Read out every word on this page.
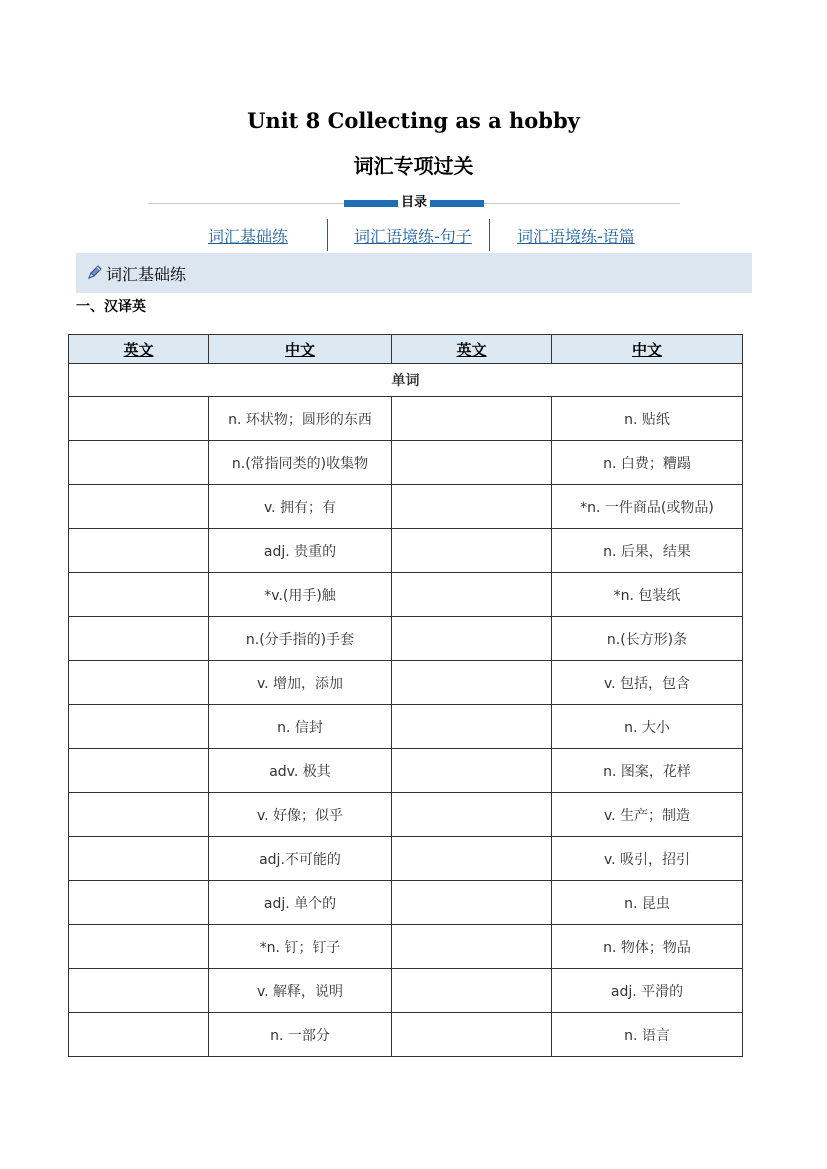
Unit 8 Collecting as a hobby
词汇专项过关
目录
词汇基础练	词汇语境练-句子	词汇语境练-语篇
词汇基础练
一、汉译英
英文	中文	英文	中文
单词			
	n. 环状物；圆形的东西		n. 贴纸
	n.(常指同类的)收集物		n. 白费；糟蹋
	v. 拥有；有		*n. 一件商品(或物品)
	adj. 贵重的		n. 后果，结果
	*v.(用手)触		*n. 包装纸
	n.(分手指的)手套		n.(长方形)条
	v. 增加，添加		v. 包括，包含
	n. 信封		n. 大小
	adv. 极其		n. 图案，花样
	v. 好像；似乎		v. 生产；制造
	adj.不可能的		v. 吸引，招引
	adj. 单个的		n. 昆虫
	*n. 钉；钉子		n. 物体；物品
	v. 解释，说明		adj. 平滑的
	n. 一部分		n. 语言
